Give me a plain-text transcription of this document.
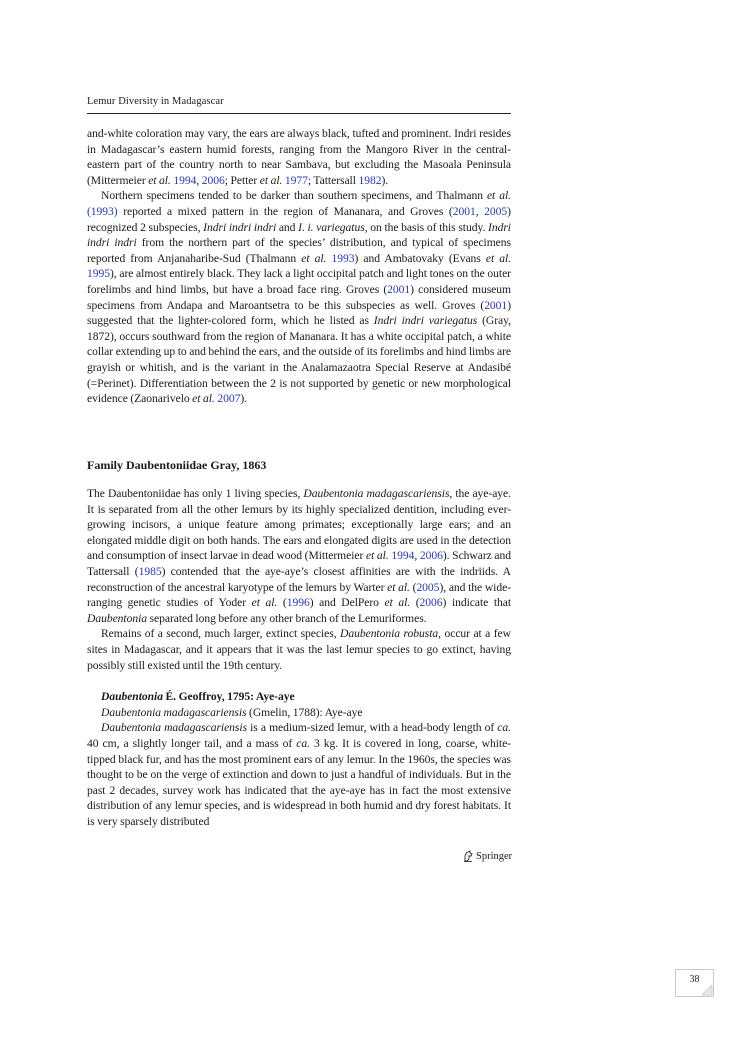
Lemur Diversity in Madagascar

and-white coloration may vary, the ears are always black, tufted and prominent. Indri resides in Madagascar’s eastern humid forests, ranging from the Mangoro River in the central-eastern part of the country north to near Sambava, but excluding the Masoala Peninsula (Mittermeier et al. 1994, 2006; Petter et al. 1977; Tattersall 1982).

Northern specimens tended to be darker than southern specimens, and Thalmann et al. (1993) reported a mixed pattern in the region of Mananara, and Groves (2001, 2005) recognized 2 subspecies, Indri indri indri and I. i. variegatus, on the basis of this study. Indri indri indri from the northern part of the species’ distribution, and typical of specimens reported from Anjanaharibe-Sud (Thalmann et al. 1993) and Ambatovaky (Evans et al. 1995), are almost entirely black. They lack a light occipital patch and light tones on the outer forelimbs and hind limbs, but have a broad face ring. Groves (2001) considered museum specimens from Andapa and Maroantsetra to be this subspecies as well. Groves (2001) suggested that the lighter-colored form, which he listed as Indri indri variegatus (Gray, 1872), occurs southward from the region of Mananara. It has a white occipital patch, a white collar extending up to and behind the ears, and the outside of its forelimbs and hind limbs are grayish or whitish, and is the variant in the Analamazaotra Special Reserve at Andasibé (=Perinet). Differentiation between the 2 is not supported by genetic or new morphological evidence (Zaonarivelo et al. 2007).

Family Daubentoniidae Gray, 1863

The Daubentoniidae has only 1 living species, Daubentonia madagascariensis, the aye-aye. It is separated from all the other lemurs by its highly specialized dentition, including ever-growing incisors, a unique feature among primates; exceptionally large ears; and an elongated middle digit on both hands. The ears and elongated digits are used in the detection and consumption of insect larvae in dead wood (Mittermeier et al. 1994, 2006). Schwarz and Tattersall (1985) contended that the aye-aye’s closest affinities are with the indriids. A reconstruction of the ancestral karyotype of the lemurs by Warter et al. (2005), and the wide-ranging genetic studies of Yoder et al. (1996) and DelPero et al. (2006) indicate that Daubentonia separated long before any other branch of the Lemuriformes.

Remains of a second, much larger, extinct species, Daubentonia robusta, occur at a few sites in Madagascar, and it appears that it was the last lemur species to go extinct, having possibly still existed until the 19th century.

Daubentonia É. Geoffroy, 1795: Aye-aye

Daubentonia madagascariensis (Gmelin, 1788): Aye-aye

Daubentonia madagascariensis is a medium-sized lemur, with a head-body length of ca. 40 cm, a slightly longer tail, and a mass of ca. 3 kg. It is covered in long, coarse, white-tipped black fur, and has the most prominent ears of any lemur. In the 1960s, the species was thought to be on the verge of extinction and down to just a handful of individuals. But in the past 2 decades, survey work has indicated that the aye-aye has in fact the most extensive distribution of any lemur species, and is widespread in both humid and dry forest habitats. It is very sparsely distributed

Springer
38
